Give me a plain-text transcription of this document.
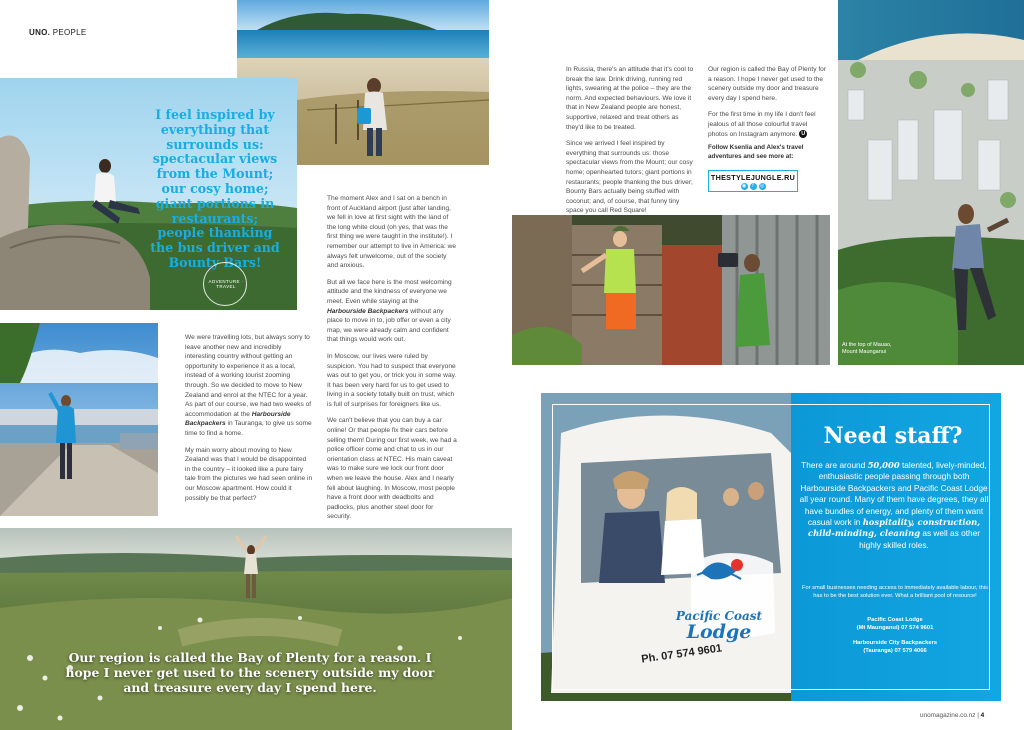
UNO. PEOPLE
I feel inspired by everything that surrounds us: spectacular views from the Mount; our cosy home; giant portions in restaurants; people thanking the bus driver and Bounty Bars!
ADVENTURE · TRAVEL

We were travelling lots, but always sorry to leave another new and incredibly interesting country without getting an opportunity to experience it as a local, instead of a working tourist zooming through. So we decided to move to New Zealand and enrol at the NTEC for a year. As part of our course, we had two weeks of accommodation at the Harbourside Backpackers in Tauranga, to give us some time to find a home.

My main worry about moving to New Zealand was that I would be disappointed in the country – it looked like a pure fairy tale from the pictures we had seen online in our Moscow apartment. How could it possibly be that perfect?

The moment Alex and I sat on a bench in front of Auckland airport (just after landing, we fell in love at first sight with the land of the long white cloud (oh yes, that was the first thing we were taught in the institute!). I remember our attempt to live in America: we always felt unwelcome, out of the society and anxious.

But all we face here is the most welcoming attitude and the kindness of everyone we meet. Even while staying at the Harbourside Backpackers without any place to move in to, job offer or even a city map, we were already calm and confident that things would work out.

In Moscow, our lives were ruled by suspicion. You had to suspect that everyone was out to get you, or trick you in some way. It has been very hard for us to get used to living in a society totally built on trust, which is full of surprises for foreigners like us.

We can't believe that you can buy a car online! Or that people fix their cars before selling them! During our first week, we had a police officer come and chat to us in our orientation class at NTEC. His main caveat was to make sure we lock our front door when we leave the house. Alex and I nearly fell about laughing. In Moscow, most people have a front door with deadbolts and padlocks, plus another steel door for security.

Our region is called the Bay of Plenty for a reason. I hope I never get used to the scenery outside my door and treasure every day I spend here.

In Russia, there's an attitude that it's cool to break the law. Drink driving, running red lights, swearing at the police – they are the norm. And expected behaviours. We love it that in New Zealand people are honest, supportive, relaxed and treat others as they'd like to be treated.

Since we arrived I feel inspired by everything that surrounds us: those spectacular views from the Mount; our cosy home; openhearted tutors; giant portions in restaurants; people thanking the bus driver; Bounty Bars actually being stuffed with coconut; and, of course, that funny tiny space you call Red Square!

Our region is called the Bay of Plenty for a reason. I hope I never get used to the scenery outside my door and treasure every day I spend here.

For the first time in my life I don't feel jealous of all those colourful travel photos on Instagram anymore. U

Follow Ksenlia and Alex's travel adventures and see more at:
THESTYLEJUNGLE.RU
◉	f	◎
At the top of Mauao,
Mount Maunganui
Pacific Coast
Lodge
Ph. 07 574 9601
Need staff?
There are around 50,000 talented, lively-minded, enthusiastic people passing through both Harbourside Backpackers and Pacific Coast Lodge all year round. Many of them have degrees, they all have bundles of energy, and plenty of them want casual work in hospitality, construction, child-minding, cleaning as well as other highly skilled roles.
For small businesses needing access to immediately available labour, this has to be the best solution ever. What a brilliant pool of resource!
Pacific Coast Lodge
(Mt Maunganui) 07 574 9601
Harbourside City Backpackers
(Tauranga) 07 579 4066
unomagazine.co.nz | 4
